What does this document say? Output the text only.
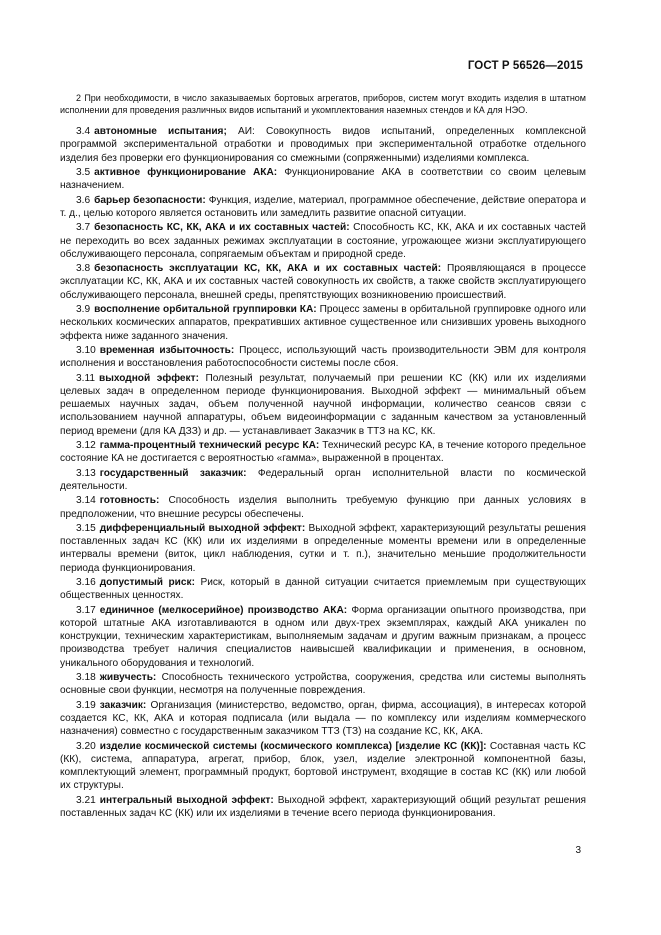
ГОСТ Р 56526—2015

2 При необходимости, в число заказываемых бортовых агрегатов, приборов, систем могут входить изделия в штатном исполнении для проведения различных видов испытаний и укомплектования наземных стендов и КА для НЭО.

3.4 автономные испытания; АИ: Совокупность видов испытаний, определенных комплексной программой экспериментальной отработки и проводимых при экспериментальной отработке отдельного изделия без проверки его функционирования со смежными (сопряженными) изделиями комплекса.

3.5 активное функционирование АКА: Функционирование АКА в соответствии со своим целевым назначением.

3.6 барьер безопасности: Функция, изделие, материал, программное обеспечение, действие оператора и т. д., целью которого является остановить или замедлить развитие опасной ситуации.

3.7 безопасность КС, КК, АКА и их составных частей: Способность КС, КК, АКА и их составных частей не переходить во всех заданных режимах эксплуатации в состояние, угрожающее жизни эксплуатирующего обслуживающего персонала, сопрягаемым объектам и природной среде.

3.8 безопасность эксплуатации КС, КК, АКА и их составных частей: Проявляющаяся в процессе эксплуатации КС, КК, АКА и их составных частей совокупность их свойств, а также свойств эксплуатирующего обслуживающего персонала, внешней среды, препятствующих возникновению происшествий.

3.9 восполнение орбитальной группировки КА: Процесс замены в орбитальной группировке одного или нескольких космических аппаратов, прекративших активное существенное или снизивших уровень выходного эффекта ниже заданного значения.

3.10 временная избыточность: Процесс, использующий часть производительности ЭВМ для контроля исполнения и восстановления работоспособности системы после сбоя.

3.11 выходной эффект: Полезный результат, получаемый при решении КС (КК) или их изделиями целевых задач в определенном периоде функционирования. Выходной эффект — минимальный объем решаемых научных задач, объем полученной научной информации, количество сеансов связи с использованием научной аппаратуры, объем видеоинформации с заданным качеством за установленный период времени (для КА ДЗЗ) и др. — устанавливает Заказчик в ТТЗ на КС, КК.

3.12 гамма-процентный технический ресурс КА: Технический ресурс КА, в течение которого предельное состояние КА не достигается с вероятностью «гамма», выраженной в процентах.

3.13 государственный заказчик: Федеральный орган исполнительной власти по космической деятельности.

3.14 готовность: Способность изделия выполнить требуемую функцию при данных условиях в предположении, что внешние ресурсы обеспечены.

3.15 дифференциальный выходной эффект: Выходной эффект, характеризующий результаты решения поставленных задач КС (КК) или их изделиями в определенные моменты времени или в определенные интервалы времени (виток, цикл наблюдения, сутки и т. п.), значительно меньшие продолжительности периода функционирования.

3.16 допустимый риск: Риск, который в данной ситуации считается приемлемым при существующих общественных ценностях.

3.17 единичное (мелкосерийное) производство АКА: Форма организации опытного производства, при которой штатные АКА изготавливаются в одном или двух-трех экземплярах, каждый АКА уникален по конструкции, техническим характеристикам, выполняемым задачам и другим важным признакам, а процесс производства требует наличия специалистов наивысшей квалификации и применения, в основном, уникального оборудования и технологий.

3.18 живучесть: Способность технического устройства, сооружения, средства или системы выполнять основные свои функции, несмотря на полученные повреждения.

3.19 заказчик: Организация (министерство, ведомство, орган, фирма, ассоциация), в интересах которой создается КС, КК, АКА и которая подписала (или выдала — по комплексу или изделиям коммерческого назначения) совместно с государственным заказчиком ТТЗ (ТЗ) на создание КС, КК, АКА.

3.20 изделие космической системы (космического комплекса) [изделие КС (КК)]: Составная часть КС (КК), система, аппаратура, агрегат, прибор, блок, узел, изделие электронной компонентной базы, комплектующий элемент, программный продукт, бортовой инструмент, входящие в состав КС (КК) или любой их структуры.

3.21 интегральный выходной эффект: Выходной эффект, характеризующий общий результат решения поставленных задач КС (КК) или их изделиями в течение всего периода функционирования.

3
